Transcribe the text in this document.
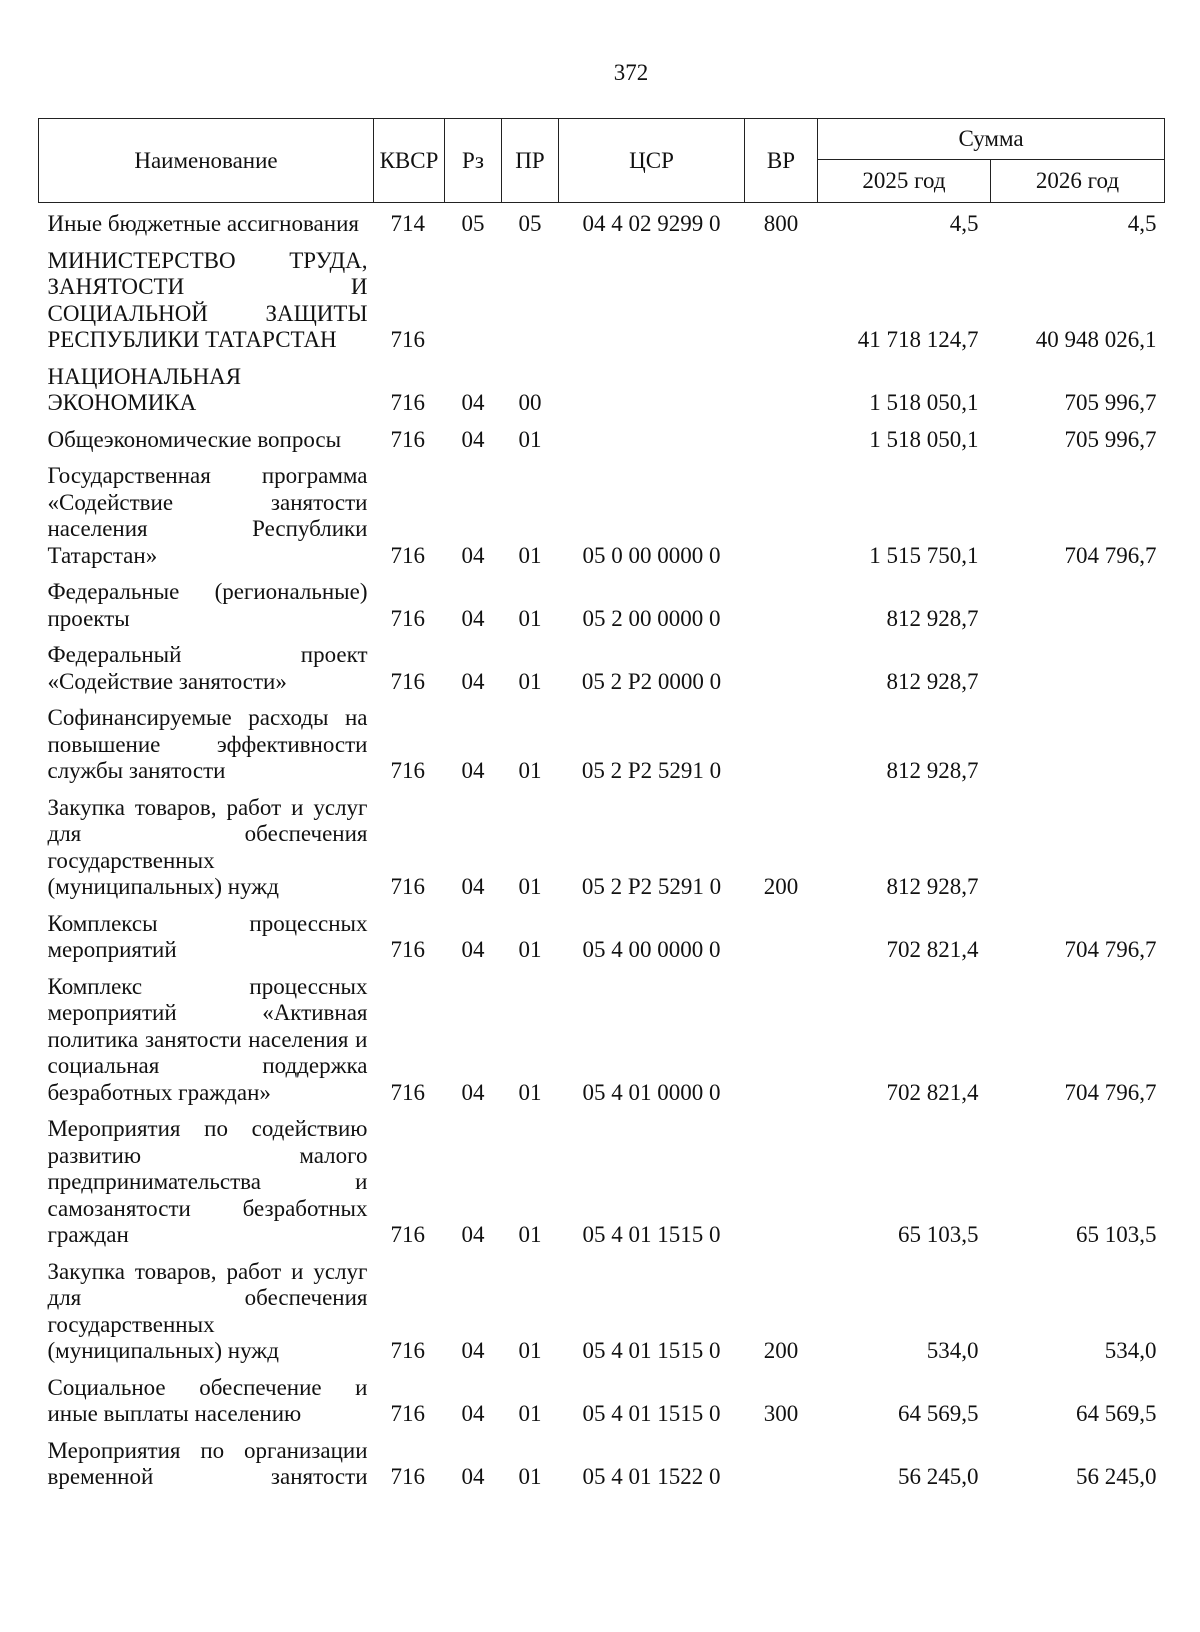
372
Наименование	КВСР	Рз	ПР	ЦСР	ВР	Сумма	
						2025 год	2026 год
Иные бюджетные ассигнования	714	05	05	04 4 02 9299 0	800	4,5	4,5
МИНИСТЕРСТВО ТРУДА, ЗАНЯТОСТИ И СОЦИАЛЬНОЙ ЗАЩИТЫ РЕСПУБЛИКИ ТАТАРСТАН	716					41 718 124,7	40 948 026,1
НАЦИОНАЛЬНАЯ ЭКОНОМИКА	716	04	00			1 518 050,1	705 996,7
Общеэкономические вопросы	716	04	01			1 518 050,1	705 996,7
Государственная программа «Содействие занятости населения Республики Татарстан»	716	04	01	05 0 00 0000 0		1 515 750,1	704 796,7
Федеральные (региональные) проекты	716	04	01	05 2 00 0000 0		812 928,7	
Федеральный проект «Содействие занятости»	716	04	01	05 2 Р2 0000 0		812 928,7	
Софинансируемые расходы на повышение эффективности службы занятости	716	04	01	05 2 Р2 5291 0		812 928,7	
Закупка товаров, работ и услуг для обеспечения государственных (муниципальных) нужд	716	04	01	05 2 Р2 5291 0	200	812 928,7	
Комплексы процессных мероприятий	716	04	01	05 4 00 0000 0		702 821,4	704 796,7
Комплекс процессных мероприятий «Активная политика занятости населения и социальная поддержка безработных граждан»	716	04	01	05 4 01 0000 0		702 821,4	704 796,7
Мероприятия по содействию развитию малого предпринимательства и самозанятости безработных граждан	716	04	01	05 4 01 1515 0		65 103,5	65 103,5
Закупка товаров, работ и услуг для обеспечения государственных (муниципальных) нужд	716	04	01	05 4 01 1515 0	200	534,0	534,0
Социальное обеспечение и иные выплаты населению	716	04	01	05 4 01 1515 0	300	64 569,5	64 569,5
Мероприятия по организации временной занятости	716	04	01	05 4 01 1522 0		56 245,0	56 245,0
